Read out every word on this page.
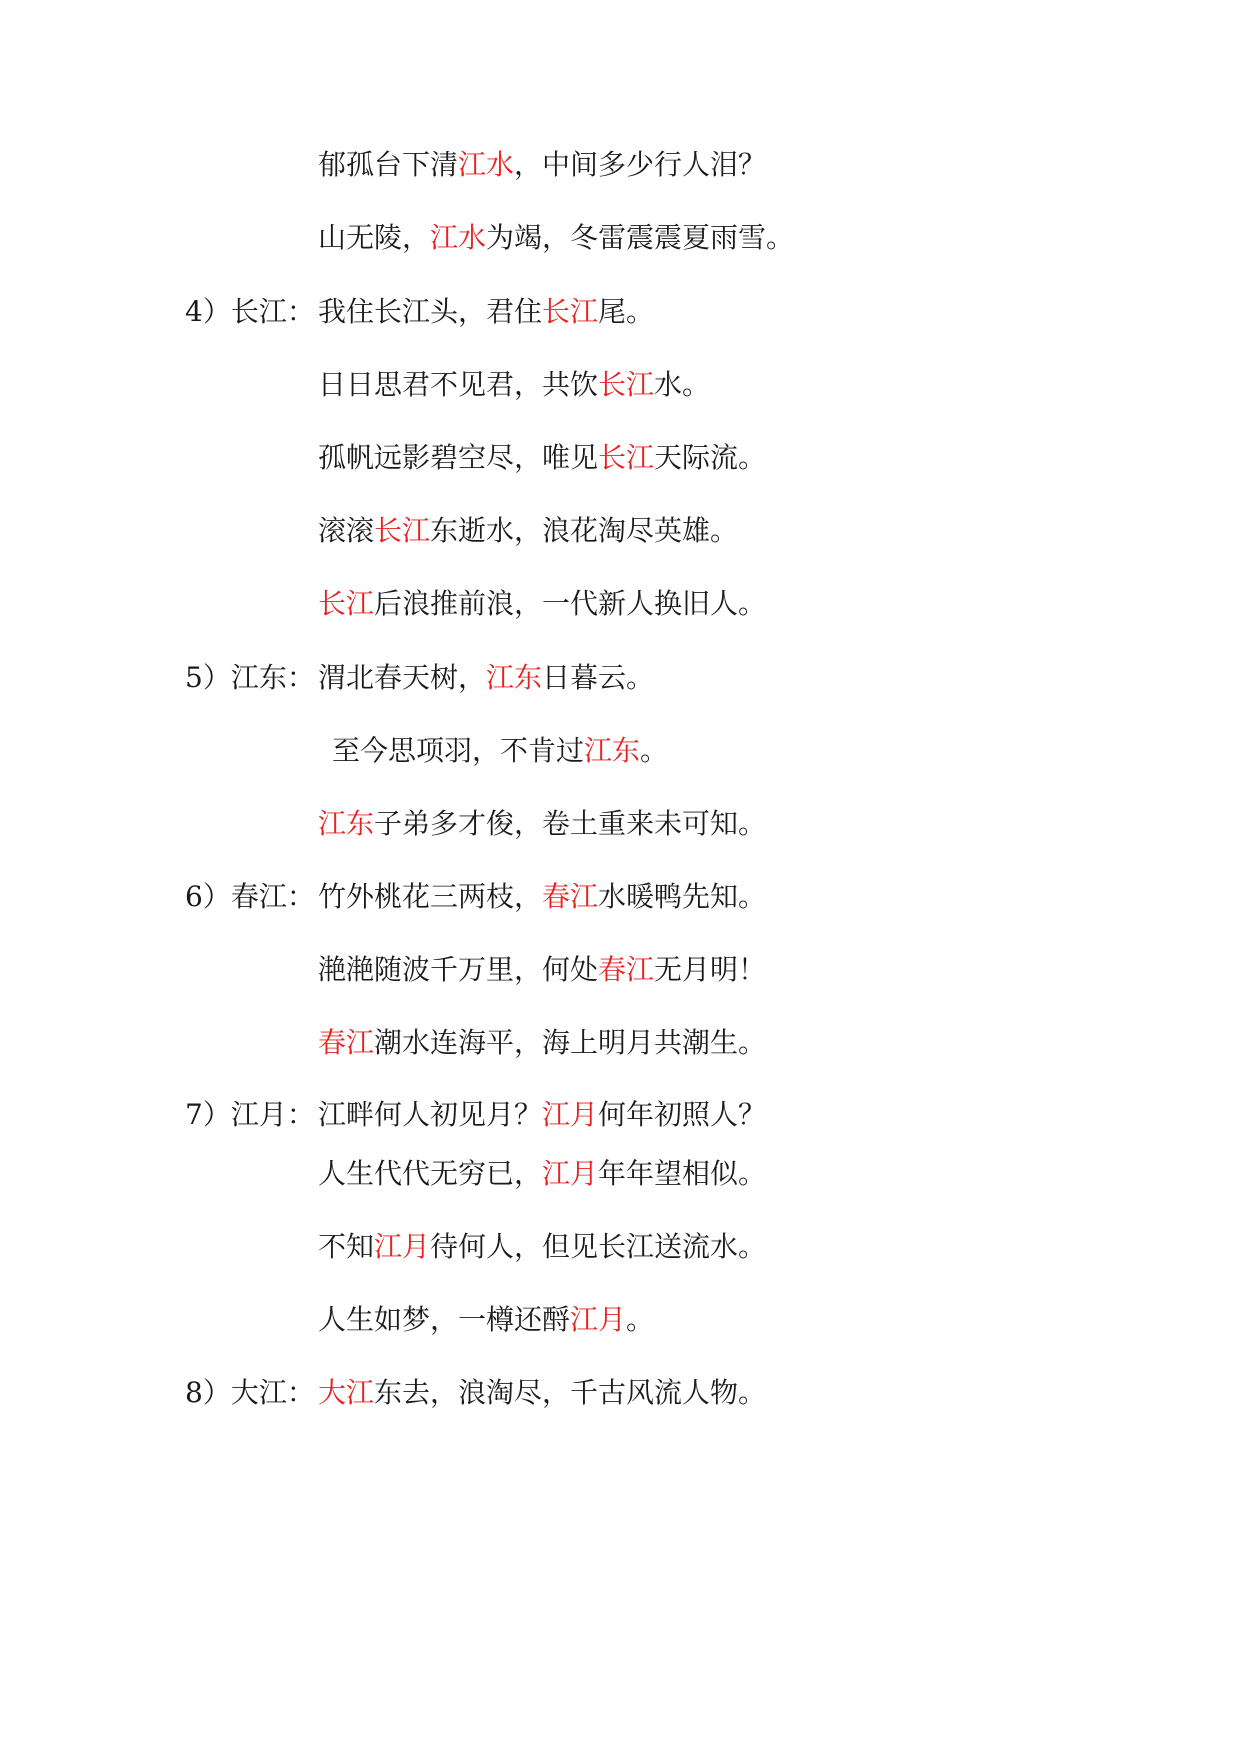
郁孤台下清江水，中间多少行人泪？
山无陵，江水为竭，冬雷震震夏雨雪。
4）长江： 我住长江头，君住长江尾。
日日思君不见君，共饮长江水。
孤帆远影碧空尽，唯见长江天际流。
滚滚长江东逝水，浪花淘尽英雄。
长江后浪推前浪，一代新人换旧人。
5）江东： 渭北春天树，江东日暮云。
至今思项羽，不肯过江东。
江东子弟多才俊，卷土重来未可知。
6）春江： 竹外桃花三两枝，春江水暖鸭先知。
滟滟随波千万里，何处春江无月明！
春江潮水连海平，海上明月共潮生。
7）江月： 江畔何人初见月？江月何年初照人？
人生代代无穷已，江月年年望相似。
不知江月待何人，但见长江送流水。
人生如梦，一樽还酹江月。
8）大江： 大江东去，浪淘尽，千古风流人物。
